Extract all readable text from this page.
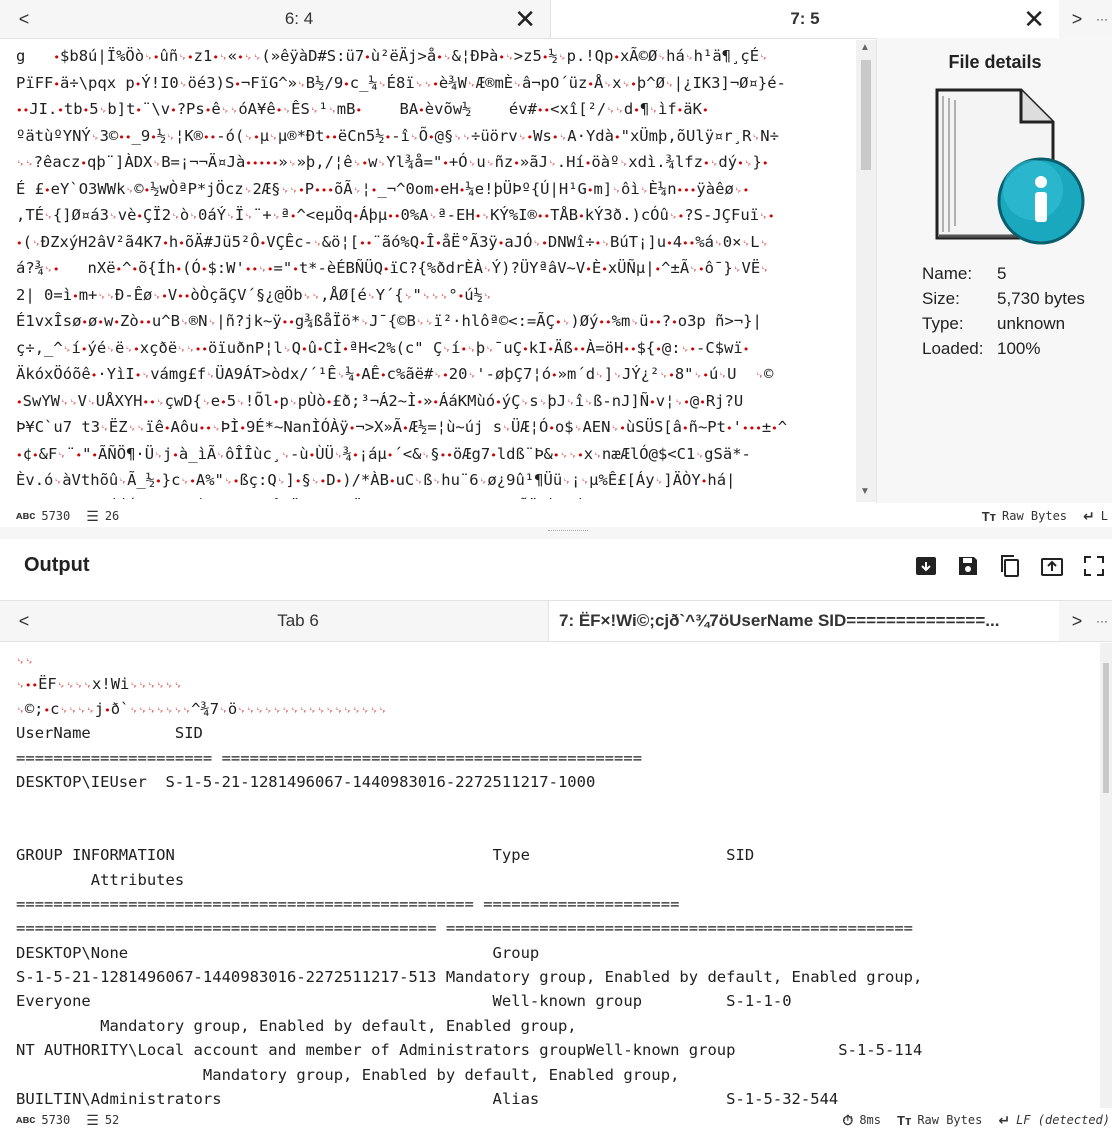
<	6: 4	✕	7: 5	✕	>	···
g	•$b8ú|Ï%Öò␊•ûñ␊•z1•␊«•␊␊(»êÿàD#S:ü7•ù²ëÄj>å•␊&¦ÐÞà•␊>z5•½␊p.!Qp•xÃ©Ø␊há␊h¹ä¶¸çÉ␊
PïFF•ä÷\pqx p•Ý!I0␊öé3)S•¬FïG^»␊B½/9•c_¼␊É8ï␊␊•è¾W␊Æ®mÈ␊â¬pO´üz•Å␊x␊•þ^Ø␊|¿IK3]¬Ø¤}é-
••JI.•tb•5␊b]t•¨\v•?Ps•ê␊␊óA¥ê•␊ÊS␊¹␊mB• BA•èvõw½ év#••<xî[²/␊␊d•¶␊ìf•äK•
ºätùºYNÝ␊3©••_9•½␊¦K®••-ó(␊•µ␊µ®*Ðt••ëCn5½•-î␊Õ•@§␊␊÷üörv␊•Ws•␊A·Ydà•"xÜmþ,õUlÿ¤r¸R␊N÷
␊␊?êacz•qþ¨]ÀDX␊B=¡¬¬Ä¤Jà•••••»␊»þ,/¦ê␊•w␊Yl¾å="•+Ó␊u␊ñz•»ãJ␊.Hí•öàº␊xdì.¾lfz•␊dý•␊}•
É £•eY`O3WWk␊©•½wÒªP*jÖcz␊2Æ§␊␊•P•••õÃ␊¦•_¬^0om•eH•¼e!þÜÞº{Ú|H¹G•m]␊ôì␊È¼n•••ÿàêø␊•
,TÉ␊{]Ø¤á3␊vè•ÇÏ2␊ò␊0áÝ␊Ï␊¨+␊ª•^<eµÖq•Áþµ••0%A␊ª-EH•␊KÝ%I®••TÅB•kÝ3ð.)cÓû␊•?S-JÇFuï␊•
•(␊ÐZxýH2âV²ã4K7•h•õÄ#Jü5²Ô•VÇÊc-␊&ö¦[••¨ãó%Q•Î•åË°Ã3ÿ•aJÓ␊•DNWî÷•␊BúT¡]u•4••%á␊0×␊L␊
á?¾␊• nXë•^•õ{Íh•(Ó•$:W'••␊•="•t*-èÉBÑÜQ•ïC?{%ðdrÈÀ␊Ý)?ÜYªâV~V•È•xÜÑµ|•^±Ã␊•ô¯}␊VË␊
2| 0=ì•m+␊␊Ð-Êø␊•V••òÒçãÇV´§¿@Öb␊␊,ÅØ[é␊Y´{␊"␊␊␊°•ú½␊
É1vxÎsø•ø•w•Zò••u^B␊®N␊|ñ?jk~ÿ••g¾ßåÏö*␊J¯{©B␊␊ï²·hlôª©<:=ÃÇ•␊)Øý••%m␊ü••?•o3p ñ>¬}|
ç÷,_^␊í•ýé␊ë␊•xçðë␊␊••öïuðnP¦l␊Q•û•CÌ•ªH<2%(c" Ç␊í•␊þ␊¯uÇ•kI•Äß••À=öH••${•@:␊•-C$wï•
ÄkóxÖóõê•·YìI•␊vámg£f␊ÜA9ÁT>òdx/´¹Ê␊¼•AÊ•c%ãë#␊•20␊'-øþÇ7¦ó•»m´d␊]␊JÝ¿²␊•8"␊•ú␊U ␊©
•SwYW␊␊V␊UÅXYH••␊çwD{␊e•5␊!Õl•p␊pÙò•£ð;³¬Á2~Ì•»•ÁáKMùó•ýÇ␊s␊þJ␊î␊ß-nJ]Ñ•v¦␊•@•Rj?U
Þ¥C`u7 t3␊ËZ␊␊ïê•Aôu••␊ÞÌ•9É*~NanÌÓÀÿ•¬>X»Ã•Æ½=¦ù~új s␊ÜÆ¦Ó•o$␊AEN␊•ùSÜS[â•ñ~Pt•'•••±•^
•¢•&F␊¨•"•ÃÑÖ¶·Ü␊j•à_ìÃ␊ôÎÎùc¸␊-ù•ÙÜ␊¾•¡áµ•´<&␊§••öÆg7•ldß¨Þ&•␊␊•x␊næÆlÓ@$<C1␊gSä*-
Èv.ó␊àVthõû␊Ã_½•}c␊•A%"␊•ßç:Q␊]•§␊•D•)/*ÀB•uC␊ß␊hu¨6␊ø¿9û¹¶Üü␊¡␊µ%Ê£[Áy␊]ÄÒY•há|

▲
▼
File details
Name: 5
Size: 5,730 bytes
Type: unknown
Loaded: 100%
ᴀʙᴄ 5730 ☰ 26	Tт Raw Bytes ↵ L
Output
<	Tab 6	7: ËF×!Wi©;cjð`^¾7öUserName SID==============...	>	···
␊␊
␊••ËF␊␊␊␊x!Wi␊␊␊␊␊␊
␊©;•c␊␊␊␊j•ð`␊␊␊␊␊␊␊^¾7␊ö␊␊␊␊␊␊␊␊␊␊␊␊␊␊␊␊␊
UserName	SID
===================== =============================================
DESKTOP\IEUser S-1-5-21-1281496067-1440983016-2272511217-1000

GROUP INFORMATION	Type	SID
Attributes
================================================= =====================
============================================= ==================================================
DESKTOP\None	Group
S-1-5-21-1281496067-1440983016-2272511217-513 Mandatory group, Enabled by default, Enabled group,
Everyone	Well-known group	S-1-1-0
Mandatory group, Enabled by default, Enabled group,
NT AUTHORITY\Local account and member of Administrators groupWell-known group	S-1-5-114
Mandatory group, Enabled by default, Enabled group,
BUILTIN\Administrators	Alias	S-1-5-32-544
ᴀʙᴄ 5730 ☰ 52	⏱ 8ms Tт Raw Bytes ↵ LF (detected)
